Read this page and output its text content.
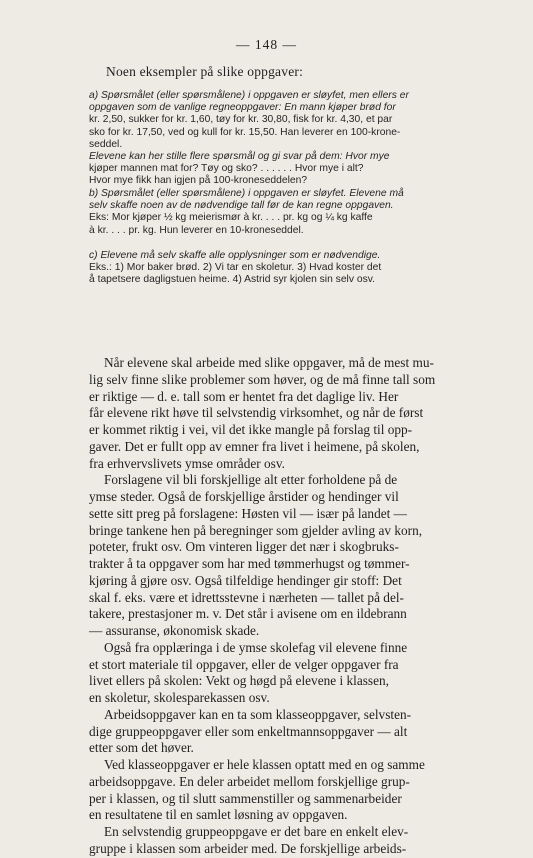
— 148 —
Noen eksempler på slike oppgaver:
a) Spørsmålet (eller spørsmålene) i oppgaven er sløyfet, men ellers er
oppgaven som de vanlige regneoppgaver: En mann kjøper brød for
kr. 2,50, sukker for kr. 1,60, tøy for kr. 30,80, fisk for kr. 4,30, et par
sko for kr. 17,50, ved og kull for kr. 15,50. Han leverer en 100-krone-
seddel.
Elevene kan her stille flere spørsmål og gi svar på dem: Hvor mye
kjøper mannen mat for? Tøy og sko? . . . . . . Hvor mye i alt?
Hvor mye fikk han igjen på 100-kroneseddelen?
b) Spørsmålet (eller spørsmålene) i oppgaven er sløyfet. Elevene må
selv skaffe noen av de nødvendige tall før de kan regne oppgaven.
Eks: Mor kjøper ½ kg meierismør à kr. . . . pr. kg og ¼ kg kaffe
à kr. . . . pr. kg. Hun leverer en 10-kroneseddel.
c) Elevene må selv skaffe alle opplysninger som er nødvendige.
Eks.: 1) Mor baker brød. 2) Vi tar en skoletur. 3) Hvad koster det
å tapetsere dagligstuen heime. 4) Astrid syr kjolen sin selv osv.
Når elevene skal arbeide med slike oppgaver, må de mest mu-
lig selv finne slike problemer som høver, og de må finne tall som
er riktige — d. e. tall som er hentet fra det daglige liv. Her
får elevene rikt høve til selvstendig virksomhet, og når de først
er kommet riktig i vei, vil det ikke mangle på forslag til opp-
gaver. Det er fullt opp av emner fra livet i heimene, på skolen,
fra erhvervslivets ymse områder osv.
Forslagene vil bli forskjellige alt etter forholdene på de
ymse steder. Også de forskjellige årstider og hendinger vil
sette sitt preg på forslagene: Høsten vil — især på landet —
bringe tankene hen på beregninger som gjelder avling av korn,
poteter, frukt osv. Om vinteren ligger det nær i skogbruks-
trakter å ta oppgaver som har med tømmerhugst og tømmer-
kjøring å gjøre osv. Også tilfeldige hendinger gir stoff: Det
skal f. eks. være et idrettsstevne i nærheten — tallet på del-
takere, prestasjoner m. v. Det står i avisene om en ildebrann
— assuranse, økonomisk skade.
Også fra opplæringa i de ymse skolefag vil elevene finne
et stort materiale til oppgaver, eller de velger oppgaver fra
livet ellers på skolen: Vekt og høgd på elevene i klassen,
en skoletur, skolesparekassen osv.
Arbeidsoppgaver kan en ta som klasseoppgaver, selvsten-
dige gruppeoppgaver eller som enkeltmannsoppgaver — alt
etter som det høver.
Ved klasseoppgaver er hele klassen optatt med en og samme
arbeidsoppgave. En deler arbeidet mellom forskjellige grup-
per i klassen, og til slutt sammenstiller og sammenarbeider
en resultatene til en samlet løsning av oppgaven.
En selvstendig gruppeoppgave er det bare en enkelt elev-
gruppe i klassen som arbeider med. De forskjellige arbeids-
